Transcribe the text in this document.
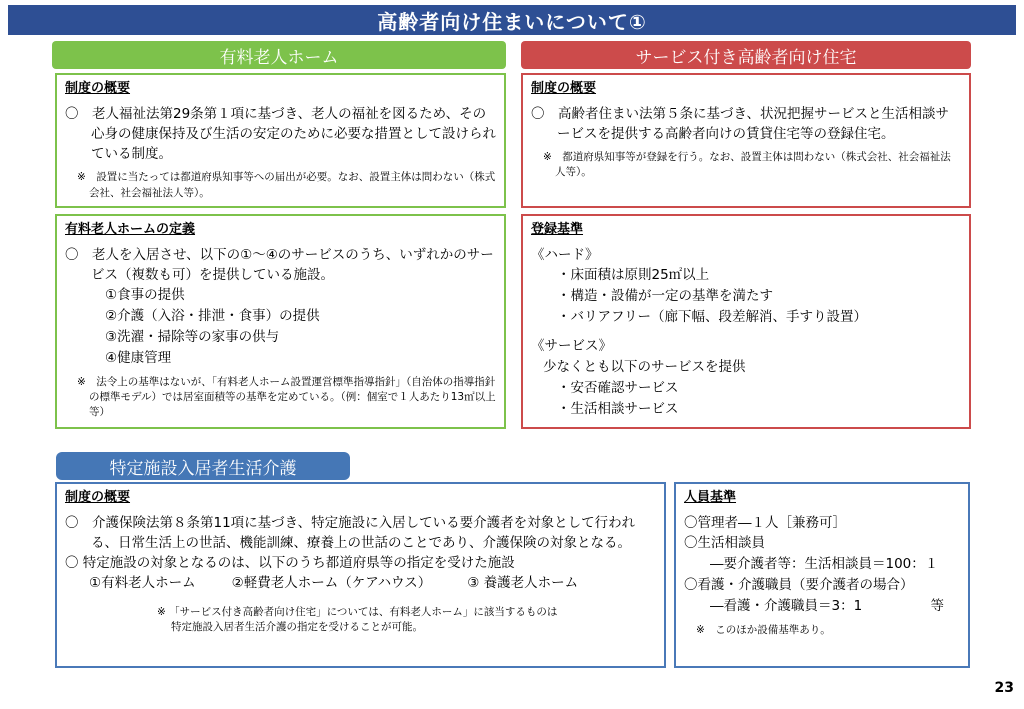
高齢者向け住まいについて①
有料老人ホーム	サービス付き高齢者向け住宅
制度の概要
〇　老人福祉法第29条第１項に基づき、老人の福祉を図るため、その心身の健康保持及び生活の安定のために必要な措置として設けられている制度。
※　設置に当たっては都道府県知事等への届出が必要。なお、設置主体は問わない（株式会社、社会福祉法人等）。
制度の概要
〇　高齢者住まい法第５条に基づき、状況把握サービスと生活相談サービスを提供する高齢者向けの賃貸住宅等の登録住宅。
※　都道府県知事等が登録を行う。なお、設置主体は問わない（株式会社、社会福祉法人等）。
有料老人ホームの定義
〇　老人を入居させ、以下の①～④のサービスのうち、いずれかのサービス（複数も可）を提供している施設。
①食事の提供
②介護（入浴・排泄・食事）の提供
③洗濯・掃除等の家事の供与
④健康管理
※　法令上の基準はないが、「有料老人ホーム設置運営標準指導指針」（自治体の指導指針の標準モデル）では居室面積等の基準を定めている。（例：個室で１人あたり13㎡以上等）
登録基準
《ハード》
・床面積は原則25㎡以上
・構造・設備が一定の基準を満たす
・バリアフリー（廊下幅、段差解消、手すり設置）
《サービス》
少なくとも以下のサービスを提供
・安否確認サービス
・生活相談サービス
特定施設入居者生活介護
制度の概要
〇　介護保険法第８条第11項に基づき、特定施設に入居している要介護者を対象として行われる、日常生活上の世話、機能訓練、療養上の世話のことであり、介護保険の対象となる。
〇 特定施設の対象となるのは、以下のうち都道府県等の指定を受けた施設
①有料老人ホーム	②軽費老人ホーム（ケアハウス）	③ 養護老人ホーム
※ 「サービス付き高齢者向け住宅」については、有料老人ホーム」に該当するものは
特定施設入居者生活介護の指定を受けることが可能。
人員基準
〇管理者―１人［兼務可］
〇生活相談員
―要介護者等：生活相談員＝100：１
〇看護・介護職員（要介護者の場合）
―看護・介護職員＝3：1	等
※　このほか設備基準あり。
23
